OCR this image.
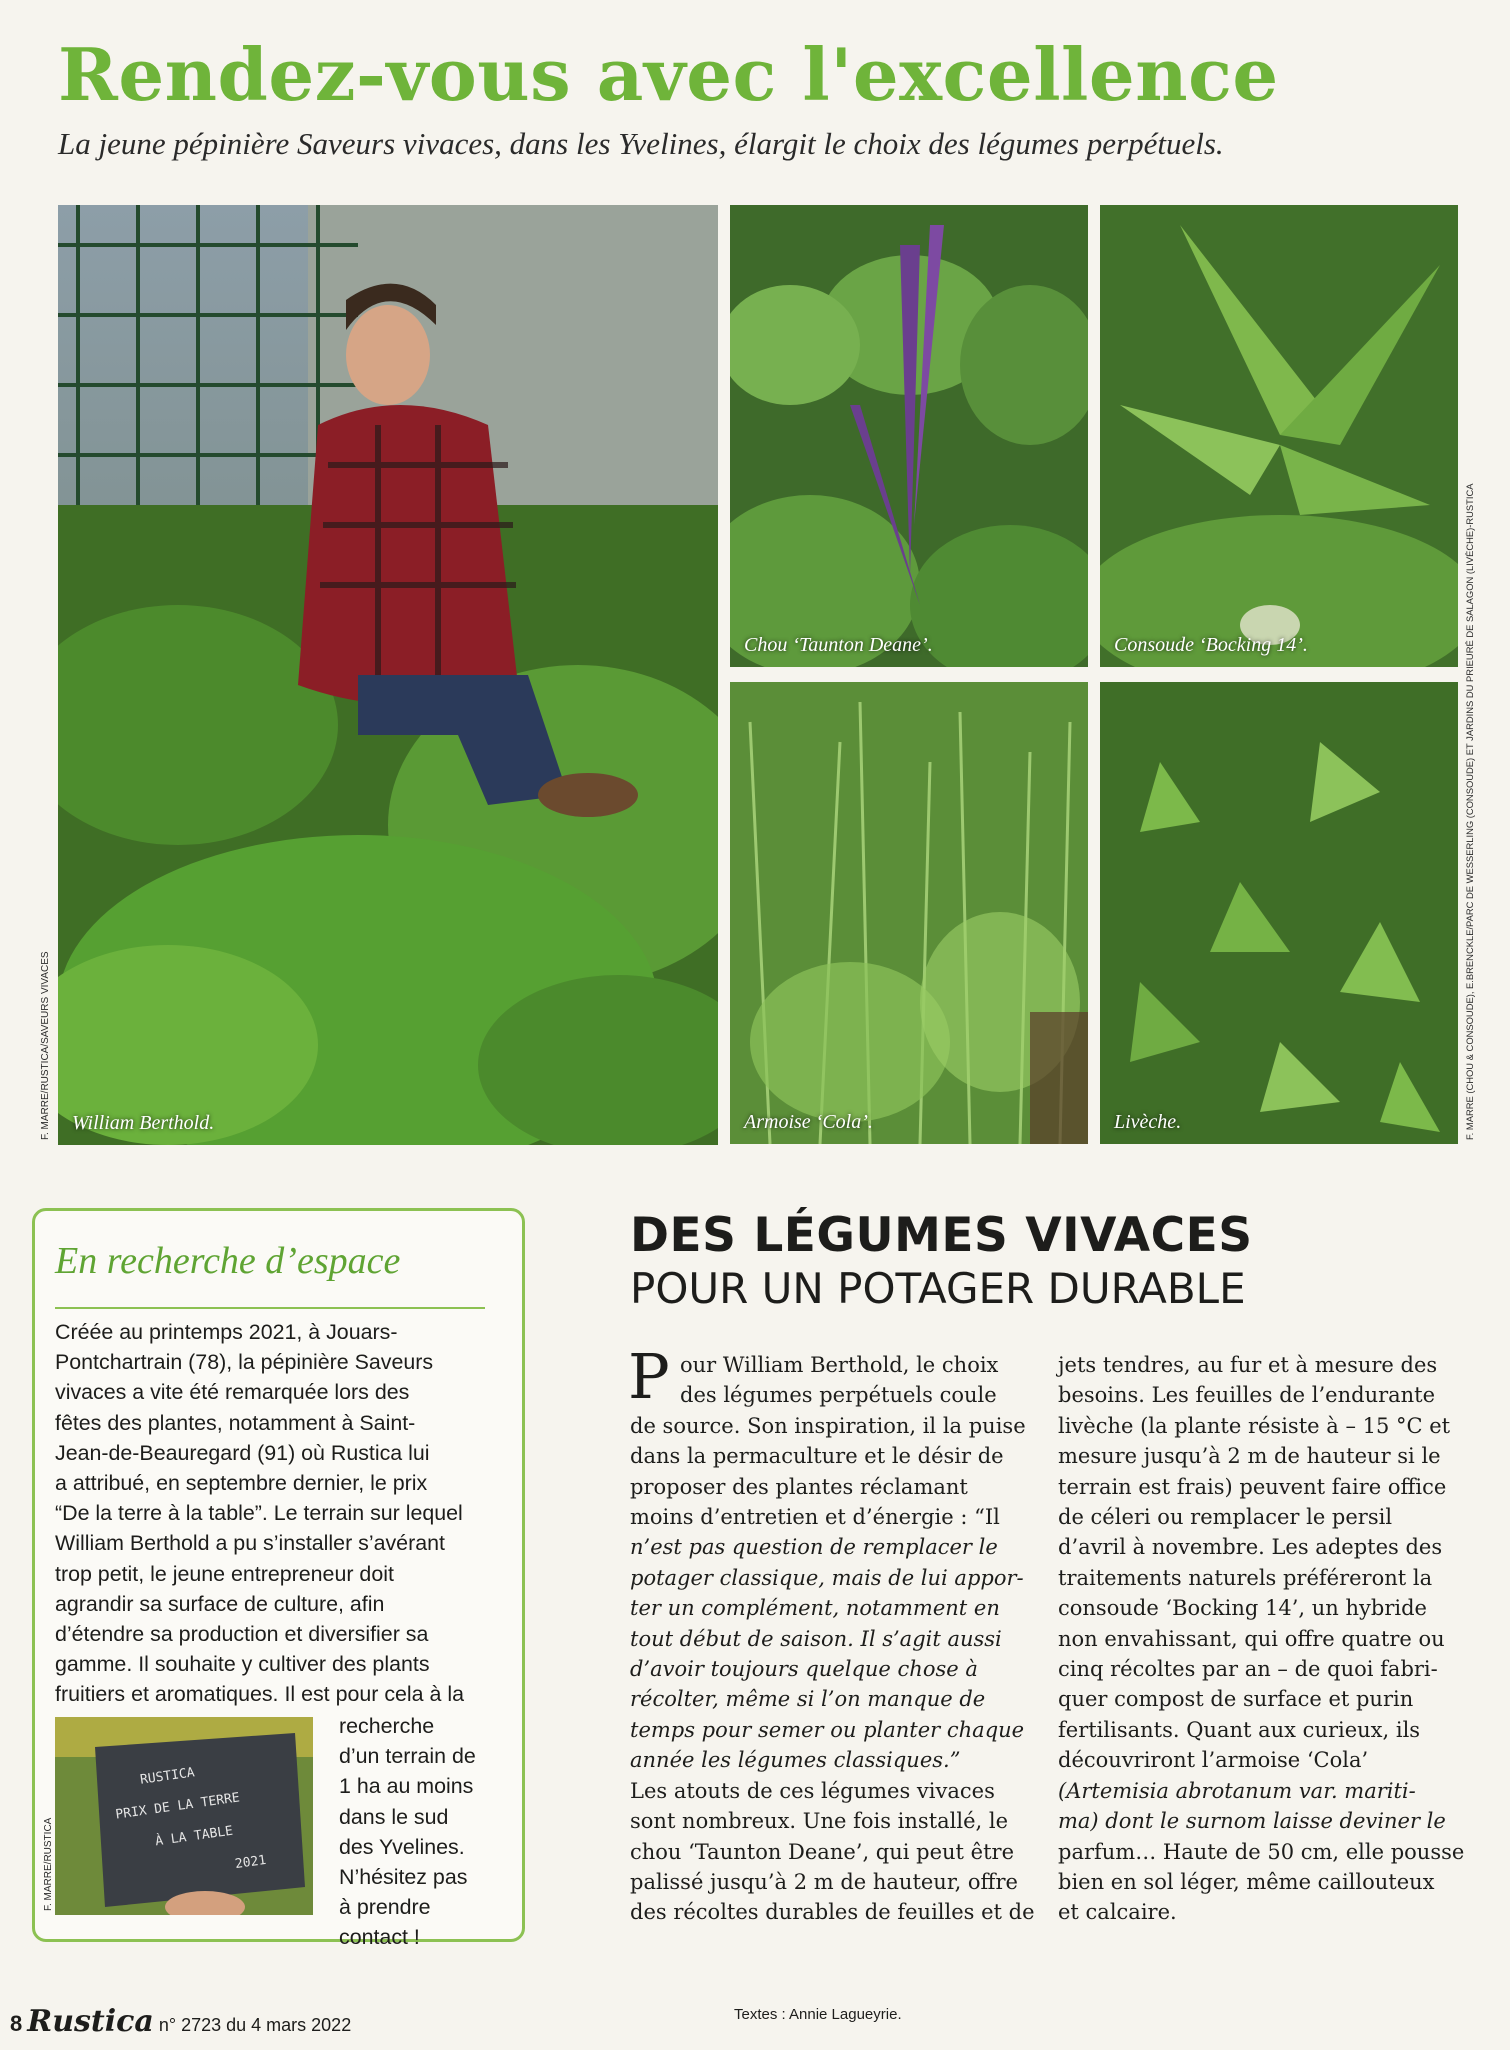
Rendez-vous avec l'excellence
La jeune pépinière Saveurs vivaces, dans les Yvelines, élargit le choix des légumes perpétuels.
William Berthold.
F. MARRE/RUSTICA/SAVEURS VIVACES
Chou ‘Taunton Deane’.	Consoude ‘Bocking 14’.
Armoise ‘Cola’.	Livèche.	F. MARRE (CHOU & CONSOUDE), E.BRENCKLE/PARC DE WESSERLING (CONSOUDE) ET JARDINS DU PRIEURÉ DE SALAGON (LIVÈCHE)-RUSTICA
En recherche d’espace

Créée au printemps 2021, à Jouars-
Pontchartrain (78), la pépinière Saveurs
vivaces a vite été remarquée lors des
fêtes des plantes, notamment à Saint-
Jean-de-Beauregard (91) où Rustica lui
a attribué, en septembre dernier, le prix
“De la terre à la table”. Le terrain sur lequel
William Berthold a pu s’installer s’avérant
trop petit, le jeune entrepreneur doit
agrandir sa surface de culture, afin
d’étendre sa production et diversifier sa
gamme. Il souhaite y cultiver des plants
fruitiers et aromatiques. Il est pour cela à la

RUSTICA
PRIX DE LA TERRE
À LA TABLE
2021
F. MARRE/RUSTICA

recherche
d’un terrain de
1 ha au moins
dans le sud
des Yvelines.
N’hésitez pas
à prendre
contact !

DES LÉGUMES VIVACES
POUR UN POTAGER DURABLE
P our William Berthold, le choix
des légumes perpétuels coule
de source. Son inspiration, il la puise
dans la permaculture et le désir de
proposer des plantes réclamant
moins d’entretien et d’énergie : “Il
n’est pas question de remplacer le
potager classique, mais de lui appor-
ter un complément, notamment en
tout début de saison. Il s’agit aussi
d’avoir toujours quelque chose à
récolter, même si l’on manque de
temps pour semer ou planter chaque
année les légumes classiques.”
Les atouts de ces légumes vivaces
sont nombreux. Une fois installé, le
chou ‘Taunton Deane’, qui peut être
palissé jusqu’à 2 m de hauteur, offre
des récoltes durables de feuilles et de

jets tendres, au fur et à mesure des
besoins. Les feuilles de l’endurante
livèche (la plante résiste à – 15 °C et
mesure jusqu’à 2 m de hauteur si le
terrain est frais) peuvent faire office
de céleri ou remplacer le persil
d’avril à novembre. Les adeptes des
traitements naturels préféreront la
consoude ‘Bocking 14’, un hybride
non envahissant, qui offre quatre ou
cinq récoltes par an – de quoi fabri-
quer compost de surface et purin
fertilisants. Quant aux curieux, ils
découvriront l’armoise ‘Cola’
(Artemisia abrotanum var. mariti-
ma) dont le surnom laisse deviner le
parfum… Haute de 50 cm, elle pousse
bien en sol léger, même caillouteux
et calcaire.

8 Rustica n° 2723 du 4 mars 2022
Textes : Annie Lagueyrie.
